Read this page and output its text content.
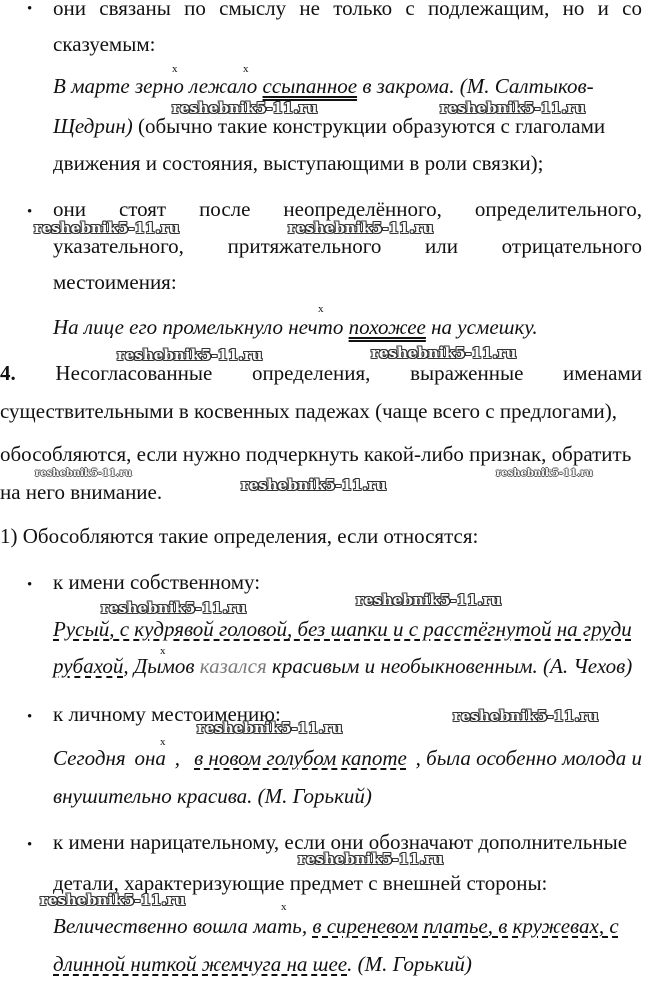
• они связаны по смыслу не только с подлежащим, но и со
сказуемым:
x	x
В марте зерно лежало ссыпанное в закрома. (М. Салтыков-
Щедрин) (обычно такие конструкции образуются с глаголами
движения и состояния, выступающими в роли связки);
• они стоят после неопределённого, определительного,
указательного, притяжательного или отрицательного
местоимения:
x
На лице его промелькнуло нечто похожее на усмешку.
4. Несогласованные определения, выраженные именами
существительными в косвенных падежах (чаще всего с предлогами),
обособляются, если нужно подчеркнуть какой-либо признак, обратить
на него внимание.
1) Обособляются такие определения, если относятся:
• к имени собственному:
Русый, с кудрявой головой, без шапки и с расстёгнутой на груди
x
рубахой, Дымов казался красивым и необыкновенным. (А. Чехов)
• к личному местоимению:
x
Сегодня она , в новом голубом капоте , была особенно молода и
внушительно красива. (М. Горький)
• к имени нарицательному, если они обозначают дополнительные
детали, характеризующие предмет с внешней стороны:
x
Величественно вошла мать, в сиреневом платье, в кружевах, с
длинной ниткой жемчуга на шее. (М. Горький)
reshebnik5-11.ru	reshebnik5-11.ru
reshebnik5-11.ru	reshebnik5-11.ru
reshebnik5-11.ru
reshebnik5-11.ru
reshebnik5-11.ru	reshebnik5-11.ru
reshebnik5-11.ru
reshebnik5-11.ru
reshebnik5-11.ru
reshebnik5-11.ru
reshebnik5-11.ru
reshebnik5-11.ru
reshebnik5-11.ru
